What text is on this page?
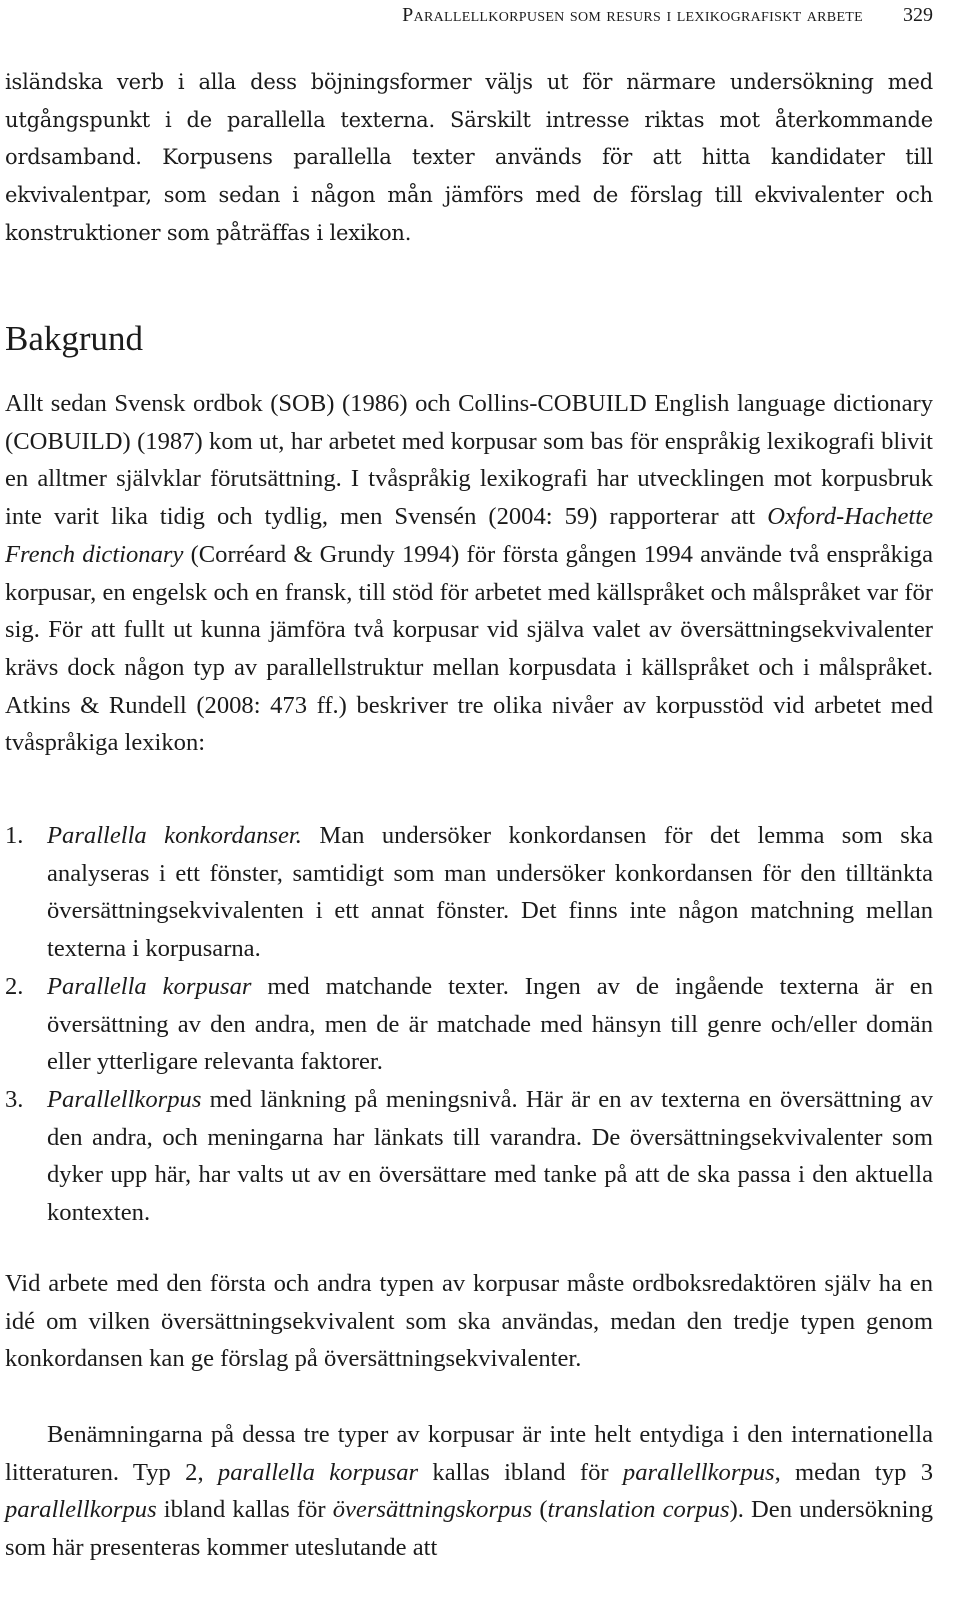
Parallellkorpusen som resurs i lexikografiskt arbete 329

isländska verb i alla dess böjningsformer väljs ut för närmare undersökning med utgångspunkt i de parallella texterna. Särskilt intresse riktas mot återkommande ordsamband. Korpusens parallella texter används för att hitta kandidater till ekvivalentpar, som sedan i någon mån jämförs med de förslag till ekvivalenter och konstruktioner som påträffas i lexikon.

Bakgrund

Allt sedan Svensk ordbok (SOB) (1986) och Collins-COBUILD English language dictionary (COBUILD) (1987) kom ut, har arbetet med korpusar som bas för enspråkig lexikografi blivit en alltmer självklar förutsättning. I tvåspråkig lexikografi har utvecklingen mot korpusbruk inte varit lika tidig och tydlig, men Svensén (2004: 59) rapporterar att Oxford-Hachette French dictionary (Corréard & Grundy 1994) för första gången 1994 använde två enspråkiga korpusar, en engelsk och en fransk, till stöd för arbetet med källspråket och målspråket var för sig. För att fullt ut kunna jämföra två korpusar vid själva valet av översättningsekvivalenter krävs dock någon typ av parallellstruktur mellan korpusdata i källspråket och i målspråket. Atkins & Rundell (2008: 473 ff.) beskriver tre olika nivåer av korpusstöd vid arbetet med tvåspråkiga lexikon:

1. Parallella konkordanser. Man undersöker konkordansen för det lemma som ska analyseras i ett fönster, samtidigt som man undersöker konkordansen för den tilltänkta översättningsekvivalenten i ett annat fönster. Det finns inte någon matchning mellan texterna i korpusarna.
2. Parallella korpusar med matchande texter. Ingen av de ingående texterna är en översättning av den andra, men de är matchade med hänsyn till genre och/eller domän eller ytterligare relevanta faktorer.
3. Parallellkorpus med länkning på meningsnivå. Här är en av texterna en översättning av den andra, och meningarna har länkats till varandra. De översättningsekvivalenter som dyker upp här, har valts ut av en översättare med tanke på att de ska passa i den aktuella kontexten.

Vid arbete med den första och andra typen av korpusar måste ordboksredaktören själv ha en idé om vilken översättningsekvivalent som ska användas, medan den tredje typen genom konkordansen kan ge förslag på översättningsekvivalenter.

Benämningarna på dessa tre typer av korpusar är inte helt entydiga i den internationella litteraturen. Typ 2, parallella korpusar kallas ibland för parallellkorpus, medan typ 3 parallellkorpus ibland kallas för översättningskorpus (translation corpus). Den undersökning som här presenteras kommer uteslutande att
